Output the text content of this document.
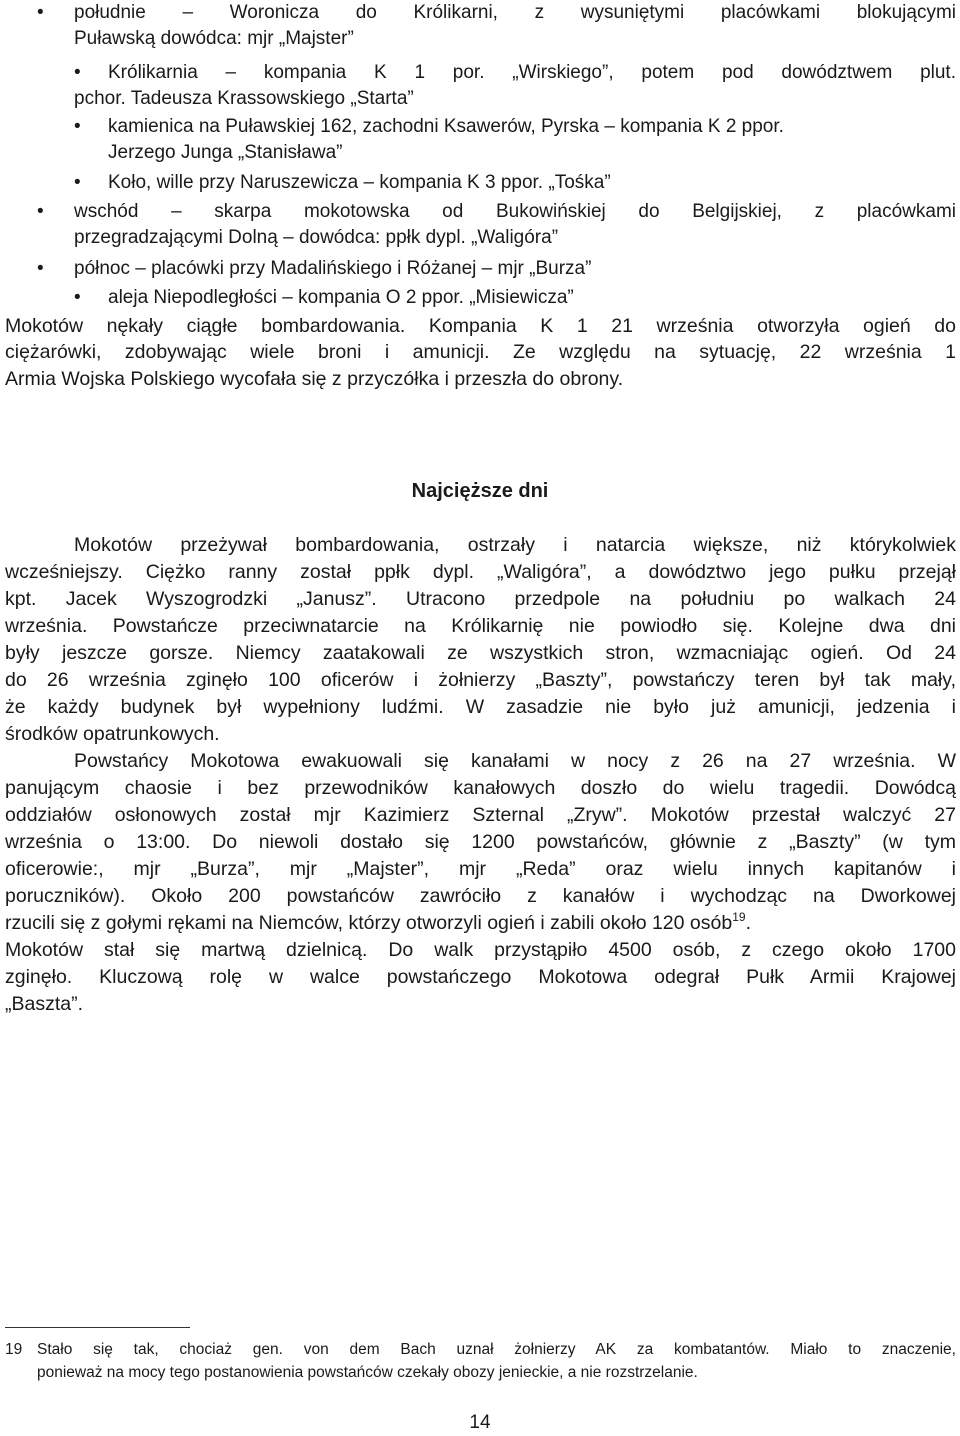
• południe – Woronicza do Królikarni, z wysuniętymi placówkami blokującymi
Puławską dowódca: mjr „Majster”
• Królikarnia – kompania K 1 por. „Wirskiego”, potem pod dowództwem plut.
pchor. Tadeusza Krassowskiego „Starta”
• kamienica na Puławskiej 162, zachodni Ksawerów, Pyrska – kompania K 2 ppor.
Jerzego Junga „Stanisława”
• Koło, wille przy Naruszewicza – kompania K 3 ppor. „Tośka”
• wschód – skarpa mokotowska od Bukowińskiej do Belgijskiej, z placówkami
przegradzającymi Dolną – dowódca: ppłk dypl. „Waligóra”
• północ – placówki przy Madalińskiego i Różanej – mjr „Burza”
• aleja Niepodległości – kompania O 2 ppor. „Misiewicza”
Mokotów nękały ciągłe bombardowania. Kompania K 1 21 września otworzyła ogień do
ciężarówki, zdobywając wiele broni i amunicji. Ze względu na sytuację, 22 września 1
Armia Wojska Polskiego wycofała się z przyczółka i przeszła do obrony.
Najcięższe dni
Mokotów przeżywał bombardowania, ostrzały i natarcia większe, niż którykolwiek
wcześniejszy. Ciężko ranny został ppłk dypl. „Waligóra”, a dowództwo jego pułku przejął
kpt. Jacek Wyszogrodzki „Janusz”. Utracono przedpole na południu po walkach 24
września. Powstańcze przeciwnatarcie na Królikarnię nie powiodło się. Kolejne dwa dni
były jeszcze gorsze. Niemcy zaatakowali ze wszystkich stron, wzmacniając ogień. Od 24
do 26 września zginęło 100 oficerów i żołnierzy „Baszty”, powstańczy teren był tak mały,
że każdy budynek był wypełniony ludźmi. W zasadzie nie było już amunicji, jedzenia i
środków opatrunkowych.
Powstańcy Mokotowa ewakuowali się kanałami w nocy z 26 na 27 września. W
panującym chaosie i bez przewodników kanałowych doszło do wielu tragedii. Dowódcą
oddziałów osłonowych został mjr Kazimierz Szternal „Zryw”. Mokotów przestał walczyć 27
września o 13:00. Do niewoli dostało się 1200 powstańców, głównie z „Baszty” (w tym
oficerowie:, mjr „Burza”, mjr „Majster”, mjr „Reda” oraz wielu innych kapitanów i
poruczników). Około 200 powstańców zawróciło z kanałów i wychodząc na Dworkowej
rzucili się z gołymi rękami na Niemców, którzy otworzyli ogień i zabili około 120 osób$^{19}$.
Mokotów stał się martwą dzielnicą. Do walk przystąpiło 4500 osób, z czego około 1700
zginęło. Kluczową rolę w walce powstańczego Mokotowa odegrał Pułk Armii Krajowej
„Baszta”.
19 Stało się tak, chociaż gen. von dem Bach uznał żołnierzy AK za kombatantów. Miało to znaczenie,
ponieważ na mocy tego postanowienia powstańców czekały obozy jenieckie, a nie rozstrzelanie.
14
